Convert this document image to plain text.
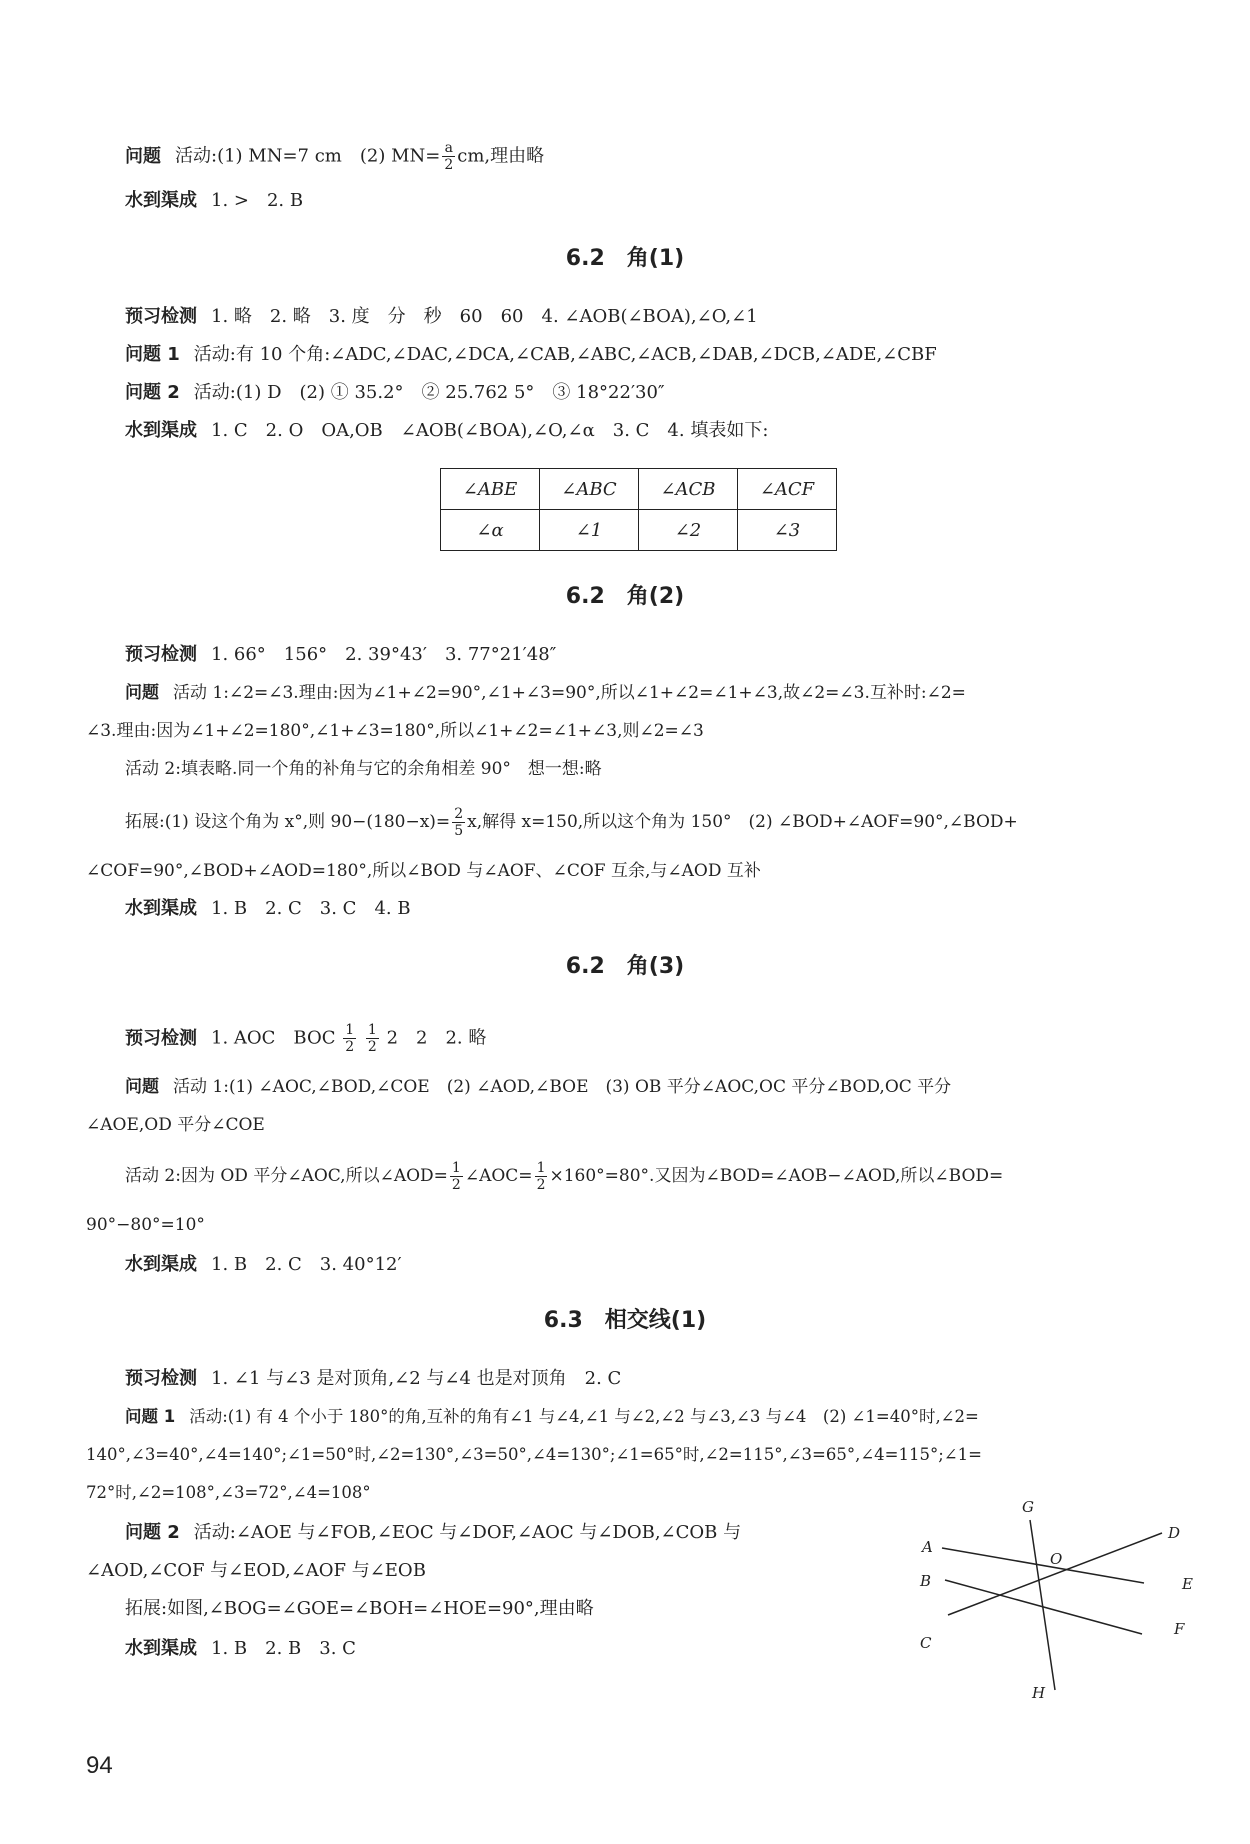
问题 活动:(1) MN=7 cm　(2) $MN= \frac{a}{2}$ cm,理由略
水到渠成 1. >　2. B
6.2　角(1)
预习检测 1. 略　2. 略　3. 度　分　秒　60　60　4. ∠AOB(∠BOA),∠O,∠1
问题 1 活动:有 10 个角:∠ADC,∠DAC,∠DCA,∠CAB,∠ABC,∠ACB,∠DAB,∠DCB,∠ADE,∠CBF
问题 2 活动:(1) D　(2) ① 35.2°　② 25.762 5°　③ 18°22′30″
水到渠成 1. C　2. O　OA,OB　∠AOB(∠BOA),∠O,∠α　3. C　4. 填表如下:
∠ABE	∠ABC	∠ACB	∠ACF
∠α	∠1	∠2	∠3
6.2　角(2)
预习检测 1. 66°　156°　2. 39°43′　3. 77°21′48″
问题 活动 1:∠2=∠3.理由:因为∠1+∠2=90°,∠1+∠3=90°,所以∠1+∠2=∠1+∠3,故∠2=∠3.互补时:∠2=
∠3.理由:因为∠1+∠2=180°,∠1+∠3=180°,所以∠1+∠2=∠1+∠3,则∠2=∠3
活动 2:填表略.同一个角的补角与它的余角相差 90°　想一想:略
拓展:(1) 设这个角为 x°,则 $90-(180-x)= \frac{2}{5} x$,解得 x=150,所以这个角为 150°　(2) ∠BOD+∠AOF=90°,∠BOD+
∠COF=90°,∠BOD+∠AOD=180°,所以∠BOD 与∠AOF、∠COF 互余,与∠AOD 互补
水到渠成 1. B　2. C　3. C　4. B
6.2　角(3)
预习检测 1. AOC　BOC $\frac{1}{2}$
$\frac{1}{2} 2$　2　2. 略
问题 活动 1:(1) ∠AOC,∠BOD,∠COE　(2) ∠AOD,∠BOE　(3) OB 平分∠AOC,OC 平分∠BOD,OC 平分
∠AOE,OD 平分∠COE
活动 2:因为 OD 平分∠AOC,所以∠AOD= $\frac{1}{2}$ ∠AOC= $\frac{1}{2} \times 160^\circ=80^\circ$.又因为∠BOD=∠AOB−∠AOD,所以∠BOD=
90°−80°=10°
水到渠成 1. B　2. C　3. 40°12′
6.3　相交线(1)
预习检测 1. ∠1 与∠3 是对顶角,∠2 与∠4 也是对顶角　2. C
问题 1 活动:(1) 有 4 个小于 180°的角,互补的角有∠1 与∠4,∠1 与∠2,∠2 与∠3,∠3 与∠4　(2) ∠1=40°时,∠2=
140°,∠3=40°,∠4=140°;∠1=50°时,∠2=130°,∠3=50°,∠4=130°;∠1=65°时,∠2=115°,∠3=65°,∠4=115°;∠1=
72°时,∠2=108°,∠3=72°,∠4=108°
问题 2 活动:∠AOE 与∠FOB,∠EOC 与∠DOF,∠AOC 与∠DOB,∠COB 与
∠AOD,∠COF 与∠EOD,∠AOF 与∠EOB
拓展:如图,∠BOG=∠GOE=∠BOH=∠HOE=90°,理由略
水到渠成 1. B　2. B　3. C
G
D
A
O
E
B
F
C
H
94
